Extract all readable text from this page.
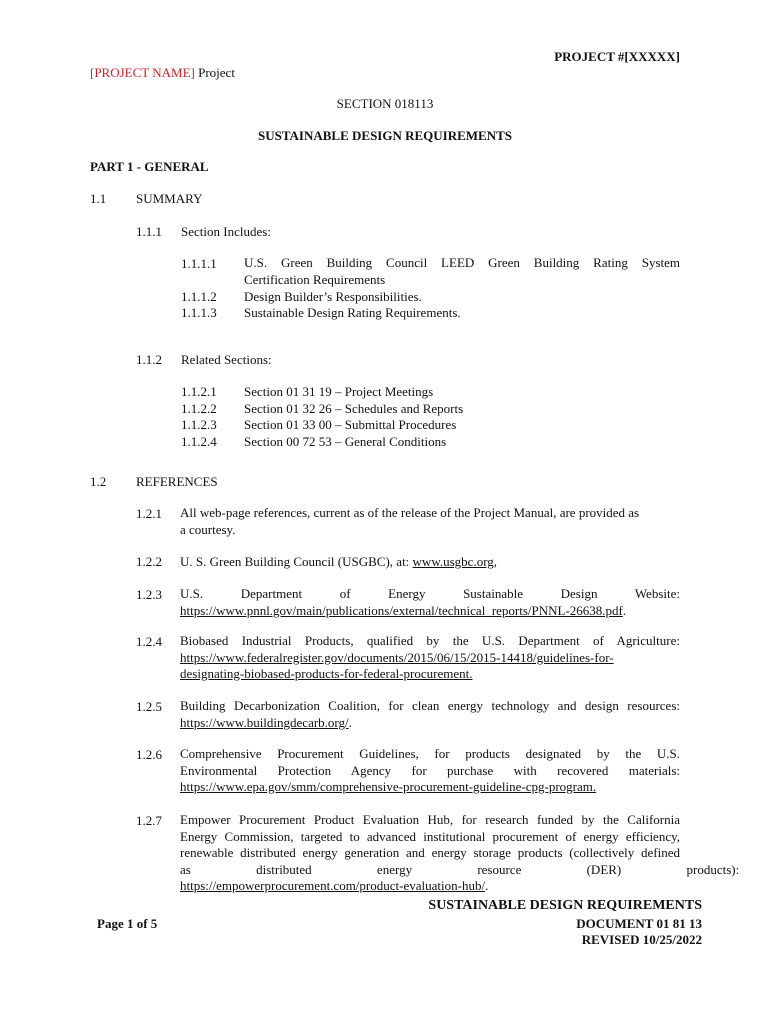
PROJECT #[XXXXX]
[PROJECT NAME] Project
SECTION 018113
SUSTAINABLE DESIGN REQUIREMENTS
PART 1 - GENERAL
1.1 SUMMARY
1.1.1 Section Includes:
1.1.1.1 U.S. Green Building Council LEED Green Building Rating System
Certification Requirements
1.1.1.2 Design Builder’s Responsibilities.
1.1.1.3 Sustainable Design Rating Requirements.
1.1.2 Related Sections:
1.1.2.1 Section 01 31 19 – Project Meetings
1.1.2.2 Section 01 32 26 – Schedules and Reports
1.1.2.3 Section 01 33 00 – Submittal Procedures
1.1.2.4 Section 00 72 53 – General Conditions
1.2 REFERENCES
1.2.1 All web-page references, current as of the release of the Project Manual, are provided as
a courtesy.
1.2.2 U. S. Green Building Council (USGBC), at: www.usgbc.org,
1.2.3 U.S. Department of Energy Sustainable Design Website:
https://www.pnnl.gov/main/publications/external/technical_reports/PNNL-26638.pdf.
1.2.4 Biobased Industrial Products, qualified by the U.S. Department of Agriculture:
https://www.federalregister.gov/documents/2015/06/15/2015-14418/guidelines-for-
designating-biobased-products-for-federal-procurement.
1.2.5 Building Decarbonization Coalition, for clean energy technology and design resources:
https://www.buildingdecarb.org/.
1.2.6 Comprehensive Procurement Guidelines, for products designated by the U.S.
Environmental Protection Agency for purchase with recovered materials:
https://www.epa.gov/smm/comprehensive-procurement-guideline-cpg-program.
1.2.7 Empower Procurement Product Evaluation Hub, for research funded by the California
Energy Commission, targeted to advanced institutional procurement of energy efficiency,
renewable distributed energy generation and energy storage products (collectively defined
as distributed energy resource (DER) products):
https://empowerprocurement.com/product-evaluation-hub/.
SUSTAINABLE DESIGN REQUIREMENTS
Page 1 of 5	DOCUMENT 01 81 13
REVISED 10/25/2022
